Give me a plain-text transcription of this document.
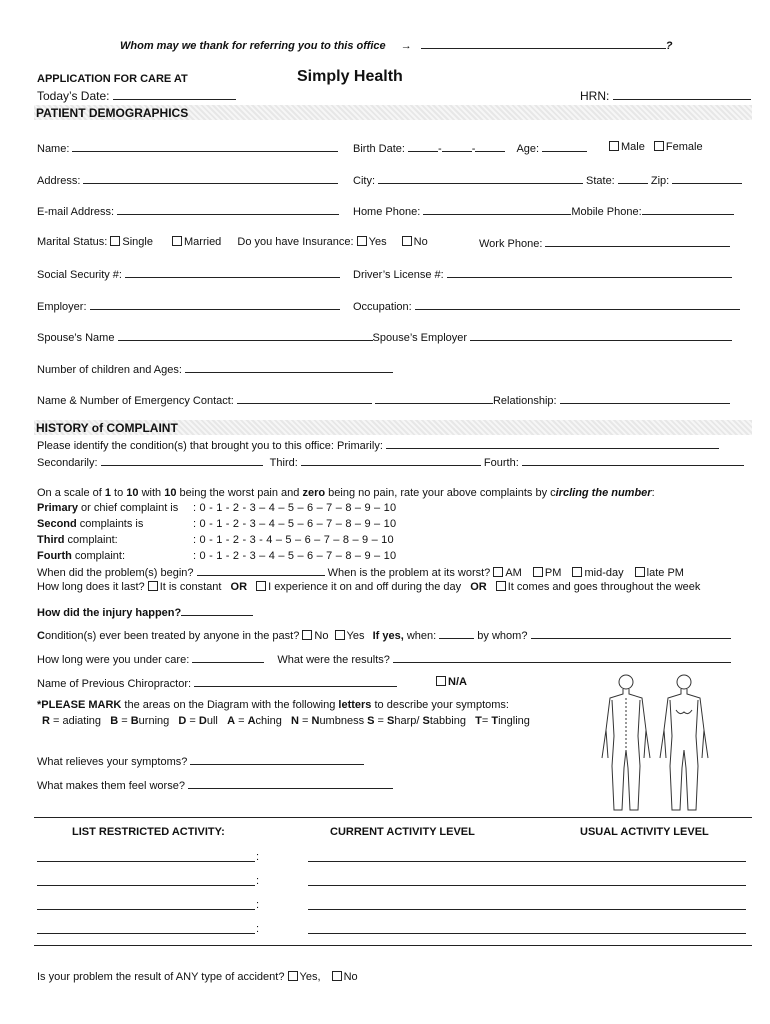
Whom may we thank for referring you to this office →	?
APPLICATION FOR CARE AT	Simply Health
Today’s Date:	HRN:
PATIENT DEMOGRAPHICS
Name:	Birth Date:	-	-	Age:	Male Female
Address:	City:	State:	Zip:
E-mail Address:	Home Phone:	Mobile Phone:
Marital Status: Single	Married Do you have Insurance: Yes No	Work Phone:
Social Security #:	Driver’s License #:
Employer:	Occupation:
Spouse’s Name	Spouse’s Employer
Number of children and Ages:
Name & Number of Emergency Contact:	Relationship:
HISTORY of COMPLAINT
Please identify the condition(s) that brought you to this office: Primarily:
Secondarily:	Third:	Fourth:
On a scale of 1 to 10 with 10 being the worst pain and zero being no pain, rate your above complaints by circling the number:
Primary or chief complaint is : 0 - 1 - 2 - 3 – 4 – 5 – 6 – 7 – 8 – 9 – 10
Second complaints is	: 0 - 1 - 2 - 3 – 4 – 5 – 6 – 7 – 8 – 9 – 10
Third complaint:	: 0 - 1 - 2 - 3 - 4 – 5 – 6 – 7 – 8 – 9 – 10
Fourth complaint:	: 0 - 1 - 2 - 3 – 4 – 5 – 6 – 7 – 8 – 9 – 10
When did the problem(s) begin?	When is the problem at its worst? AM PM mid-day late PM
How long does it last? It is constant OR I experience it on and off during the day OR It comes and goes throughout the week
How did the injury happen?
Condition(s) ever been treated by anyone in the past? No Yes If yes, when:	by whom?
How long were you under care:	What were the results?
Name of Previous Chiropractor:	N/A
*PLEASE MARK the areas on the Diagram with the following letters to describe your symptoms:
R = adiating B = Burning D = Dull A = Aching N = Numbness S = Sharp/ Stabbing T= Tingling
What relieves your symptoms?
What makes them feel worse?
LIST RESTRICTED ACTIVITY:	CURRENT ACTIVITY LEVEL	USUAL ACTIVITY LEVEL
:
:
:
:
Is your problem the result of ANY type of accident? Yes, No
